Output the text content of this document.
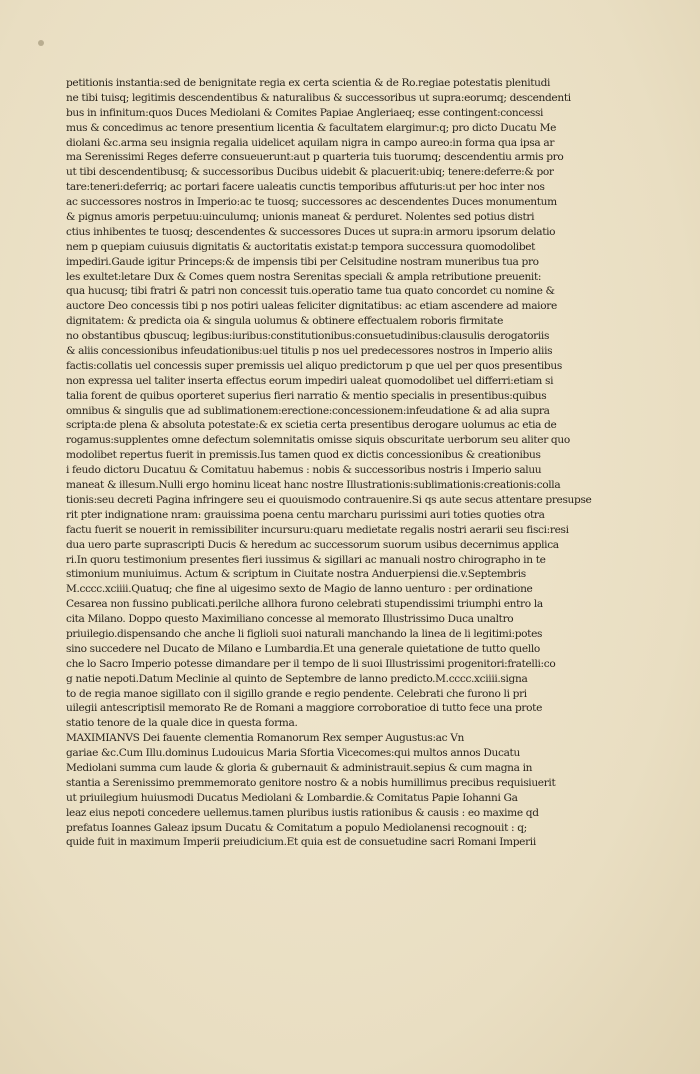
petitionis instantia:sed de benignitate regia ex certa scientia & de Ro.regiae potestatis plenitudi
ne tibi tuisq; legitimis descendentibus & naturalibus & successoribus ut supra:eorumq; descendenti
bus in infinitum:quos Duces Mediolani & Comites Papiae Angleriaeq; esse contingent:concessi
mus & concedimus ac tenore presentium licentia & facultatem elargimur:q; pro dicto Ducatu Me
diolani &c.arma seu insignia regalia uidelicet aquilam nigra in campo aureo:in forma qua ipsa ar
ma Serenissimi Reges deferre consueuerunt:aut p quarteria tuis tuorumq; descendentiu armis pro
ut tibi descendentibusq; & successoribus Ducibus uidebit & placuerit:ubiq; tenere:deferre:& por
tare:teneri:deferriq; ac portari facere ualeatis cunctis temporibus affuturis:ut per hoc inter nos
ac successores nostros in Imperio:ac te tuosq; successores ac descendentes Duces monumentum
& pignus amoris perpetuu:uinculumq; unionis maneat & perduret. Nolentes sed potius distri
ctius inhibentes te tuosq; descendentes & successores Duces ut supra:in armoru ipsorum delatio
nem p quepiam cuiusuis dignitatis & auctoritatis existat:p tempora successura quomodolibet
impediri.Gaude igitur Princeps:& de impensis tibi per Celsitudine nostram muneribus tua pro
les exultet:letare Dux & Comes quem nostra Serenitas speciali & ampla retributione preuenit:
qua hucusq; tibi fratri & patri non concessit tuis.operatio tame tua quato concordet cu nomine &
auctore Deo concessis tibi p nos potiri ualeas feliciter dignitatibus: ac etiam ascendere ad maiore
dignitatem: & predicta oia & singula uolumus & obtinere effectualem roboris firmitate
no obstantibus qbuscuq; legibus:iuribus:constitutionibus:consuetudinibus:clausulis derogatoriis
& aliis concessionibus infeudationibus:uel titulis p nos uel predecessores nostros in Imperio aliis
factis:collatis uel concessis super premissis uel aliquo predictorum p que uel per quos presentibus
non expressa uel taliter inserta effectus eorum impediri ualeat quomodolibet uel differri:etiam si
talia forent de quibus oporteret superius fieri narratio & mentio specialis in presentibus:quibus
omnibus & singulis que ad sublimationem:erectione:concessionem:infeudatione & ad alia supra
scripta:de plena & absoluta potestate:& ex scietia certa presentibus derogare uolumus ac etia de
rogamus:supplentes omne defectum solemnitatis omisse siquis obscuritate uerborum seu aliter quo
modolibet repertus fuerit in premissis.Ius tamen quod ex dictis concessionibus & creationibus
i feudo dictoru Ducatuu & Comitatuu habemus : nobis & successoribus nostris i Imperio saluu
maneat & illesum.Nulli ergo hominu liceat hanc nostre Illustrationis:sublimationis:creationis:colla
tionis:seu decreti Pagina infringere seu ei quouismodo contrauenire.Si qs aute secus attentare presupse
rit pter indignatione nram: grauissima poena centu marcharu purissimi auri toties quoties otra
factu fuerit se nouerit in remissibiliter incursuru:quaru medietate regalis nostri aerarii seu fisci:resi
dua uero parte suprascripti Ducis & heredum ac successorum suorum usibus decernimus applica
ri.In quoru testimonium presentes fieri iussimus & sigillari ac manuali nostro chirographo in te
stimonium muniuimus. Actum & scriptum in Ciuitate nostra Anduerpiensi die.v.Septembris
M.cccc.xciiii.Quatuq; che fine al uigesimo sexto de Magio de lanno uenturo : per ordinatione
Cesarea non fussino publicati.perilche allhora furono celebrati stupendissimi triumphi entro la
cita Milano. Doppo questo Maximiliano concesse al memorato Illustrissimo Duca unaltro
priuilegio.dispensando che anche li figlioli suoi naturali manchando la linea de li legitimi:potes
sino succedere nel Ducato de Milano e Lumbardia.Et una generale quietatione de tutto quello
che lo Sacro Imperio potesse dimandare per il tempo de li suoi Illustrissimi progenitori:fratelli:co
g natie nepoti.Datum Meclinie al quinto de Septembre de lanno predicto.M.cccc.xciiii.signa
to de regia manoe sigillato con il sigillo grande e regio pendente. Celebrati che furono li pri
uilegii antescriptisil memorato Re de Romani a maggiore corroboratioe di tutto fece una prote
statio tenore de la quale dice in questa forma.
MAXIMIANVS Dei fauente clementia Romanorum Rex semper Augustus:ac Vn
gariae &c.Cum Illu.dominus Ludouicus Maria Sfortia Vicecomes:qui multos annos Ducatu
Mediolani summa cum laude & gloria & gubernauit & administrauit.sepius & cum magna in
stantia a Serenissimo premmemorato genitore nostro & a nobis humillimus precibus requisiuerit
ut priuilegium huiusmodi Ducatus Mediolani & Lombardie.& Comitatus Papie Iohanni Ga
leaz eius nepoti concedere uellemus.tamen pluribus iustis rationibus & causis : eo maxime qd
prefatus Ioannes Galeaz ipsum Ducatu & Comitatum a populo Mediolanensi recognouit : q;
quide fuit in maximum Imperii preiudicium.Et quia est de consuetudine sacri Romani Imperii
